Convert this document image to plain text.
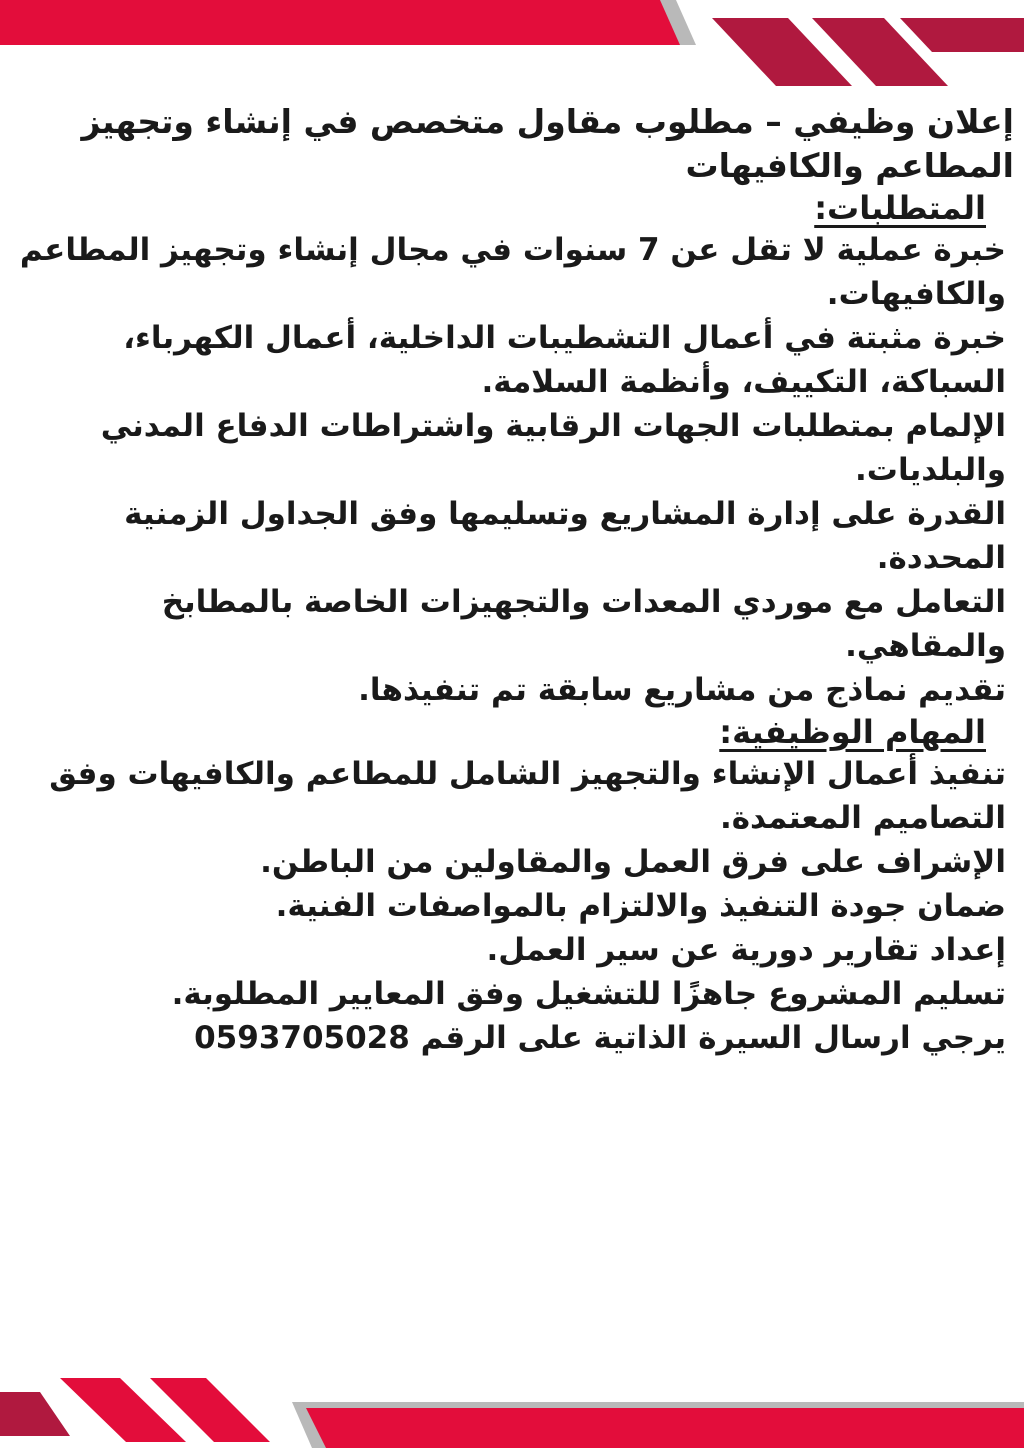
إعلان وظيفي – مطلوب مقاول متخصص في إنشاء وتجهيز المطاعم والكافيهات
المتطلبات:
خبرة عملية لا تقل عن 7 سنوات في مجال إنشاء وتجهيز المطاعم والكافيهات.
خبرة مثبتة في أعمال التشطيبات الداخلية، أعمال الكهرباء، السباكة، التكييف، وأنظمة السلامة.
الإلمام بمتطلبات الجهات الرقابية واشتراطات الدفاع المدني والبلديات.
القدرة على إدارة المشاريع وتسليمها وفق الجداول الزمنية المحددة.
التعامل مع موردي المعدات والتجهيزات الخاصة بالمطابخ والمقاهي.
تقديم نماذج من مشاريع سابقة تم تنفيذها.
المهام الوظيفية:
تنفيذ أعمال الإنشاء والتجهيز الشامل للمطاعم والكافيهات وفق التصاميم المعتمدة.
الإشراف على فرق العمل والمقاولين من الباطن.
ضمان جودة التنفيذ والالتزام بالمواصفات الفنية.
إعداد تقارير دورية عن سير العمل.
تسليم المشروع جاهزًا للتشغيل وفق المعايير المطلوبة.

يرجي ارسال السيرة الذاتية على الرقم 0593705028
